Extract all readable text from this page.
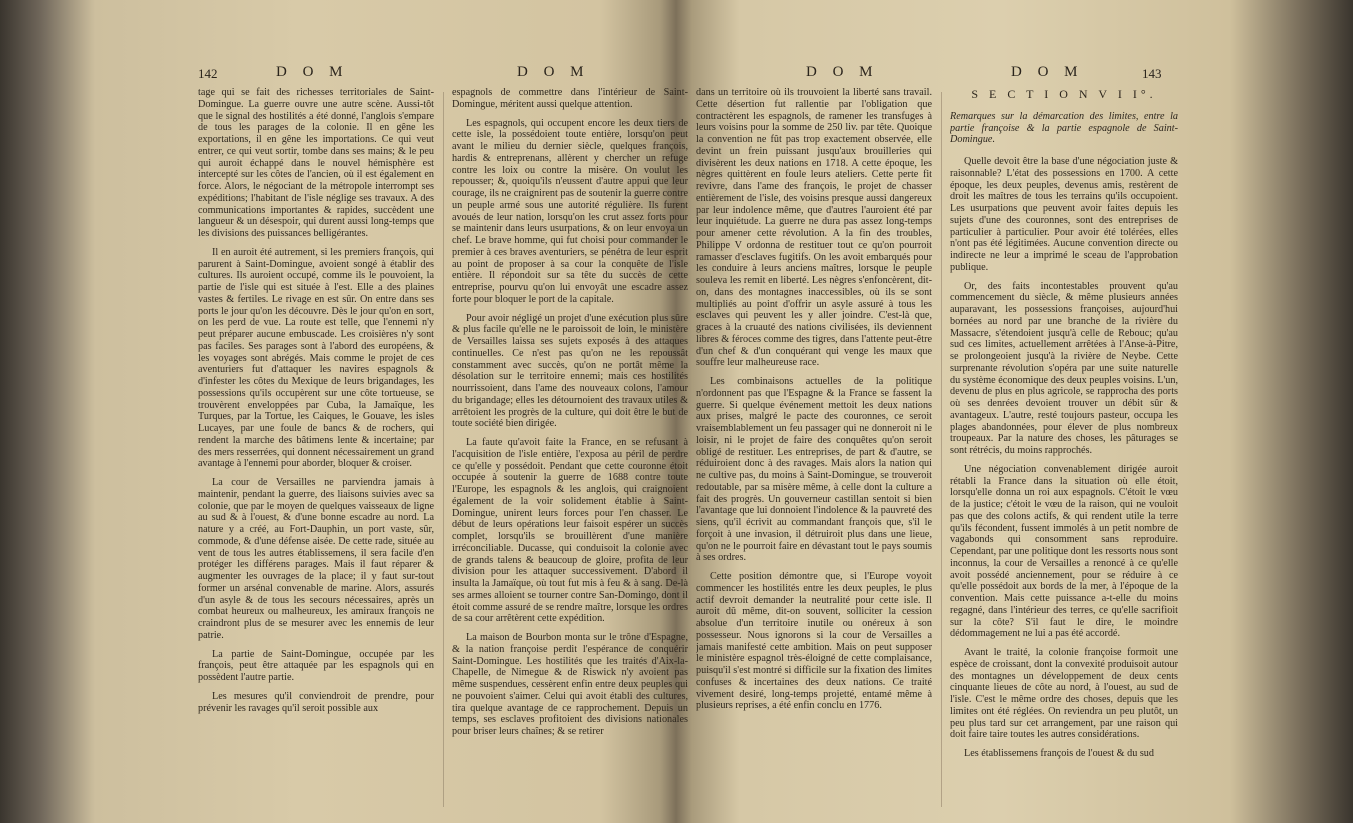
142	D O M	D O M

tage qui se fait des richesses territoriales de Saint-Domingue. La guerre ouvre une autre scène. Aussi-tôt que le signal des hostilités a été donné, l'anglois s'empare de tous les parages de la colonie. Il en gêne les exportations, il en gêne les importations. Ce qui veut entrer, ce qui veut sortir, tombe dans ses mains; & le peu qui auroit échappé dans le nouvel hémisphère est intercepté sur les côtes de l'ancien, où il est également en force. Alors, le négociant de la métropole interrompt ses expéditions; l'habitant de l'isle néglige ses travaux. A des communications importantes & rapides, succèdent une langueur & un désespoir, qui durent aussi long-temps que les divisions des puissances belligérantes.

Il en auroit été autrement, si les premiers françois, qui parurent à Saint-Domingue, avoient songé à établir des cultures. Ils auroient occupé, comme ils le pouvoient, la partie de l'isle qui est située à l'est. Elle a des plaines vastes & fertiles. Le rivage en est sûr. On entre dans ses ports le jour qu'on les découvre. Dès le jour qu'on en sort, on les perd de vue. La route est telle, que l'ennemi n'y peut préparer aucune embuscade. Les croisières n'y sont pas faciles. Ses parages sont à l'abord des européens, & les voyages sont abrégés. Mais comme le projet de ces aventuriers fut d'attaquer les navires espagnols & d'infester les côtes du Mexique de leurs brigandages, les possessions qu'ils occupèrent sur une côte tortueuse, se trouvèrent enveloppées par Cuba, la Jamaïque, les Turques, par la Tortue, les Caiques, le Gouave, les isles Lucayes, par une foule de bancs & de rochers, qui rendent la marche des bâtimens lente & incertaine; par des mers resserrées, qui donnent nécessairement un grand avantage à l'ennemi pour aborder, bloquer & croiser.

La cour de Versailles ne parviendra jamais à maintenir, pendant la guerre, des liaisons suivies avec sa colonie, que par le moyen de quelques vaisseaux de ligne au sud & à l'ouest, & d'une bonne escadre au nord. La nature y a créé, au Fort-Dauphin, un port vaste, sûr, commode, & d'une défense aisée. De cette rade, située au vent de tous les autres établissemens, il sera facile d'en protéger les différens parages. Mais il faut réparer & augmenter les ouvrages de la place; il y faut sur-tout former un arsénal convenable de marine. Alors, assurés d'un asyle & de tous les secours nécessaires, après un combat heureux ou malheureux, les amiraux françois ne craindront plus de se mesurer avec les ennemis de leur patrie.

La partie de Saint-Domingue, occupée par les françois, peut être attaquée par les espagnols qui en possèdent l'autre partie.

Les mesures qu'il conviendroit de prendre, pour prévenir les ravages qu'il seroit possible aux

espagnols de commettre dans l'intérieur de Saint-Domingue, méritent aussi quelque attention.

Les espagnols, qui occupent encore les deux tiers de cette isle, la possédoient toute entière, lorsqu'on peut avant le milieu du dernier siècle, quelques françois, hardis & entreprenans, allèrent y chercher un refuge contre les loix ou contre la misère. On voulut les repousser; &, quoiqu'ils n'eussent d'autre appui que leur courage, ils ne craignirent pas de soutenir la guerre contre un peuple armé sous une autorité régulière. Ils furent avoués de leur nation, lorsqu'on les crut assez forts pour se maintenir dans leurs usurpations, & on leur envoya un chef. Le brave homme, qui fut choisi pour commander le premier à ces braves aventuriers, se pénétra de leur esprit au point de proposer à sa cour la conquête de l'isle entière. Il répondoit sur sa tête du succès de cette entreprise, pourvu qu'on lui envoyât une escadre assez forte pour bloquer le port de la capitale.

Pour avoir négligé un projet d'une exécution plus sûre & plus facile qu'elle ne le paroissoit de loin, le ministère de Versailles laissa ses sujets exposés à des attaques continuelles. Ce n'est pas qu'on ne les repoussât constamment avec succès, qu'on ne portât même la désolation sur le territoire ennemi; mais ces hostilités nourrissoient, dans l'ame des nouveaux colons, l'amour du brigandage; elles les détournoient des travaux utiles & arrêtoient les progrès de la culture, qui doit être le but de toute société bien dirigée.

La faute qu'avoit faite la France, en se refusant à l'acquisition de l'isle entière, l'exposa au péril de perdre ce qu'elle y possédoit. Pendant que cette couronne étoit occupée à soutenir la guerre de 1688 contre toute l'Europe, les espagnols & les anglois, qui craignoient également de la voir solidement établie à Saint-Domingue, unirent leurs forces pour l'en chasser. Le début de leurs opérations leur faisoit espérer un succès complet, lorsqu'ils se brouillèrent d'une manière irréconciliable. Ducasse, qui conduisoit la colonie avec de grands talens & beaucoup de gloire, profita de leur division pour les attaquer successivement. D'abord il insulta la Jamaïque, où tout fut mis à feu & à sang. De-là ses armes alloient se tourner contre San-Domingo, dont il étoit comme assuré de se rendre maître, lorsque les ordres de sa cour arrêtèrent cette expédition.

La maison de Bourbon monta sur le trône d'Espagne, & la nation françoise perdit l'espérance de conquérir Saint-Domingue. Les hostilités que les traités d'Aix-la-Chapelle, de Nimegue & de Riswick n'y avoient pas même suspendues, cessèrent enfin entre deux peuples qui ne pouvoient s'aimer. Celui qui avoit établi des cultures, tira quelque avantage de ce rapprochement. Depuis un temps, ses esclaves profitoient des divisions nationales pour briser leurs chaînes; & se retirer

D O M	D O M	143

dans un territoire où ils trouvoient la liberté sans travail. Cette désertion fut rallentie par l'obligation que contractèrent les espagnols, de ramener les transfuges à leurs voisins pour la somme de 250 liv. par tête. Quoique la convention ne fût pas trop exactement observée, elle devint un frein puissant jusqu'aux brouilleries qui divisèrent les deux nations en 1718. A cette époque, les nègres quittèrent en foule leurs ateliers. Cette perte fit revivre, dans l'ame des françois, le projet de chasser entièrement de l'isle, des voisins presque aussi dangereux par leur indolence même, que d'autres l'auroient été par leur inquiétude. La guerre ne dura pas assez long-temps pour amener cette révolution. A la fin des troubles, Philippe V ordonna de restituer tout ce qu'on pourroit ramasser d'esclaves fugitifs. On les avoit embarqués pour les conduire à leurs anciens maîtres, lorsque le peuple souleva les remit en liberté. Les nègres s'enfoncèrent, dit-on, dans des montagnes inaccessibles, où ils se sont multipliés au point d'offrir un asyle assuré à tous les esclaves qui peuvent les y aller joindre. C'est-là que, graces à la cruauté des nations civilisées, ils deviennent libres & féroces comme des tigres, dans l'attente peut-être d'un chef & d'un conquérant qui venge les maux que souffre leur malheureuse race.

Les combinaisons actuelles de la politique n'ordonnent pas que l'Espagne & la France se fassent la guerre. Si quelque événement mettoit les deux nations aux prises, malgré le pacte des couronnes, ce seroit vraisemblablement un feu passager qui ne donneroit ni le loisir, ni le projet de faire des conquêtes qu'on seroit obligé de restituer. Les entreprises, de part & d'autre, se réduiroient donc à des ravages. Mais alors la nation qui ne cultive pas, du moins à Saint-Domingue, se trouveroit redoutable, par sa misère même, à celle dont la culture a fait des progrès. Un gouverneur castillan sentoit si bien l'avantage que lui donnoient l'indolence & la pauvreté des siens, qu'il écrivit au commandant françois que, s'il le forçoit à une invasion, il détruiroit plus dans une lieue, qu'on ne le pourroit faire en dévastant tout le pays soumis à ses ordres.

Cette position démontre que, si l'Europe voyoit commencer les hostilités entre les deux peuples, le plus actif devroit demander la neutralité pour cette isle. Il auroit dû même, dit-on souvent, solliciter la cession absolue d'un territoire inutile ou onéreux à son possesseur. Nous ignorons si la cour de Versailles a jamais manifesté cette ambition. Mais on peut supposer le ministère espagnol très-éloigné de cette complaisance, puisqu'il s'est montré si difficile sur la fixation des limites confuses & incertaines des deux nations. Ce traité vivement desiré, long-temps projetté, entamé même à plusieurs reprises, a été enfin conclu en 1776.

S E C T I O N V I I°.

Remarques sur la démarcation des limites, entre la partie françoise & la partie espagnole de Saint-Domingue.

Quelle devoit être la base d'une négociation juste & raisonnable? L'état des possessions en 1700. A cette époque, les deux peuples, devenus amis, restèrent de droit les maîtres de tous les terrains qu'ils occupoient. Les usurpations que peuvent avoir faites depuis les sujets d'une des couronnes, sont des entreprises de particulier à particulier. Pour avoir été tolérées, elles n'ont pas été légitimées. Aucune convention directe ou indirecte ne leur a imprimé le sceau de l'approbation publique.

Or, des faits incontestables prouvent qu'au commencement du siècle, & même plusieurs années auparavant, les possessions françoises, aujourd'hui bornées au nord par une branche de la rivière du Massacre, s'étendoient jusqu'à celle de Rebouc; qu'au sud ces limites, actuellement arrêtées à l'Anse-à-Pitre, se prolongeoient jusqu'à la rivière de Neybe. Cette surprenante révolution s'opéra par une suite naturelle du système économique des deux peuples voisins. L'un, devenu de plus en plus agricole, se rapprocha des ports où ses denrées devoient trouver un débit sûr & avantageux. L'autre, resté toujours pasteur, occupa les plages abandonnées, pour élever de plus nombreux troupeaux. Par la nature des choses, les pâturages se sont rétrécis, du moins rapprochés.

Une négociation convenablement dirigée auroit rétabli la France dans la situation où elle étoit, lorsqu'elle donna un roi aux espagnols. C'étoit le vœu de la justice; c'étoit le vœu de la raison, qui ne vouloit pas que des colons actifs, & qui rendent utile la terre qu'ils fécondent, fussent immolés à un petit nombre de vagabonds qui consomment sans reproduire. Cependant, par une politique dont les ressorts nous sont inconnus, la cour de Versailles a renoncé à ce qu'elle avoit possédé anciennement, pour se réduire à ce qu'elle possédoit aux bords de la mer, à l'époque de la convention. Mais cette puissance a-t-elle du moins regagné, dans l'intérieur des terres, ce qu'elle sacrifioit sur la côte? S'il faut le dire, le moindre dédommagement ne lui a pas été accordé.

Avant le traité, la colonie françoise formoit une espèce de croissant, dont la convexité produisoit autour des montagnes un développement de deux cents cinquante lieues de côte au nord, à l'ouest, au sud de l'isle. C'est le même ordre des choses, depuis que les limites ont été réglées. On reviendra un peu plutôt, un peu plus tard sur cet arrangement, par une raison qui doit faire taire toutes les autres considérations.

Les établissemens françois de l'ouest & du sud
